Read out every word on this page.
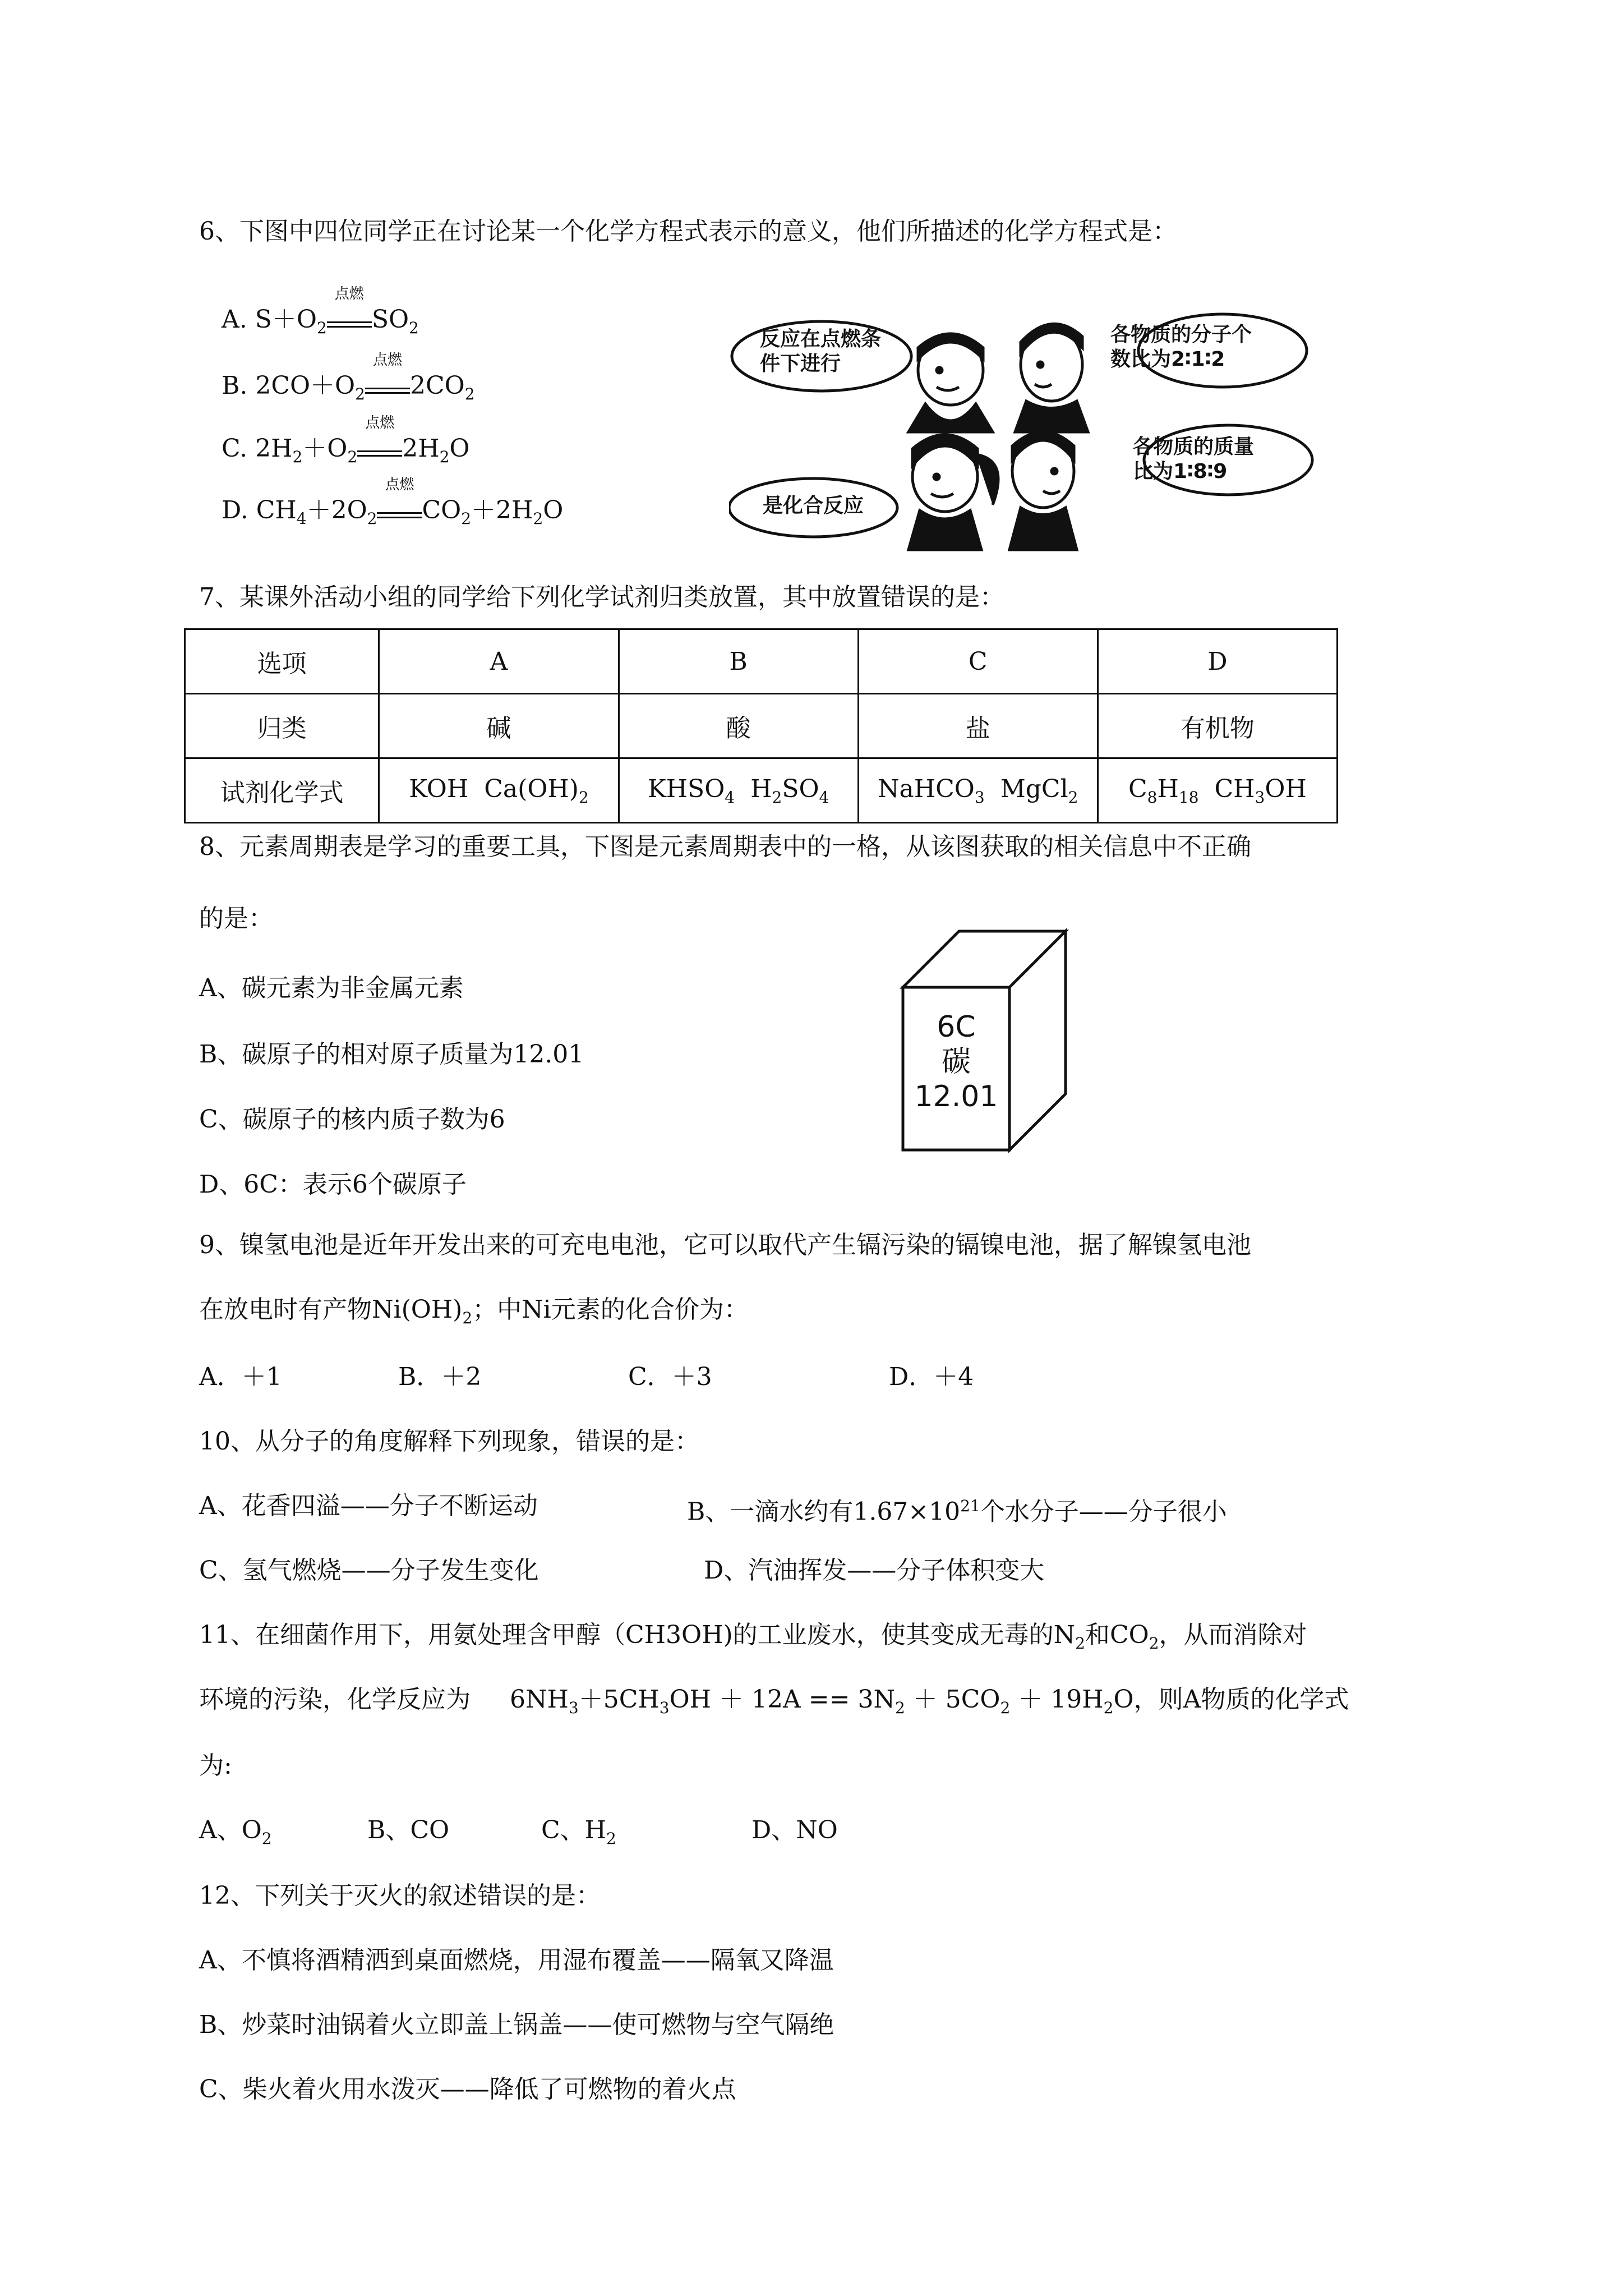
6、下图中四位同学正在讨论某一个化学方程式表示的意义，他们所描述的化学方程式是：
A. $S+O_2$
点燃
$SO_2$
B. $2CO+O_2$
点燃
$2CO_2$
C. $2H_2+O_2$
点燃
$2H_2O$
D. $CH_4+2O_2$
点燃
$CO_2+2H_2O$
反应在点燃条件下进行
各物质的分子个数比为2∶1∶2
各物质的质量比为1∶8∶9
是化合反应
7、某课外活动小组的同学给下列化学试剂归类放置，其中放置错误的是：
选项	A	B	C	D
归类	碱	酸	盐	有机物
试剂化学式	KOH $Ca(OH)_2$	$KHSO_4$ $H_2SO_4$	NaHCO$_3$ MgCl$_2$	$C_8H_{18}$ $CH_3OH$
8、元素周期表是学习的重要工具，下图是元素周期表中的一格，从该图获取的相关信息中不正确
的是：
A、碳元素为非金属元素
B、碳原子的相对原子质量为12.01
C、碳原子的核内质子数为6
D、6C：表示6个碳原子
6C
碳
12.01
9、镍氢电池是近年开发出来的可充电电池，它可以取代产生镉污染的镉镍电池，据了解镍氢电池
在放电时有产物$Ni(OH)_2$；中Ni元素的化合价为：
A．＋1	B．＋2	C．＋3	D．＋4
10、从分子的角度解释下列现象，错误的是：
A、花香四溢——分子不断运动	B、一滴水约有$1.67\times 10^{21}$个水分子——分子很小
C、氢气燃烧——分子发生变化	D、汽油挥发——分子体积变大
11、在细菌作用下，用氨处理含甲醇（CH3OH)的工业废水，使其变成无毒的$N_2$和$CO_2$，从而消除对
环境的污染，化学反应为 $6NH_3+5CH_3OH + 12A == 3N_2 + 5CO_2 + 19H_2O$，则A物质的化学式
为:
A、$O_2$	B、CO	C、$H_2$	D、NO
12、下列关于灭火的叙述错误的是：
A、不慎将酒精洒到桌面燃烧，用湿布覆盖——隔氧又降温
B、炒菜时油锅着火立即盖上锅盖——使可燃物与空气隔绝
C、柴火着火用水泼灭——降低了可燃物的着火点
